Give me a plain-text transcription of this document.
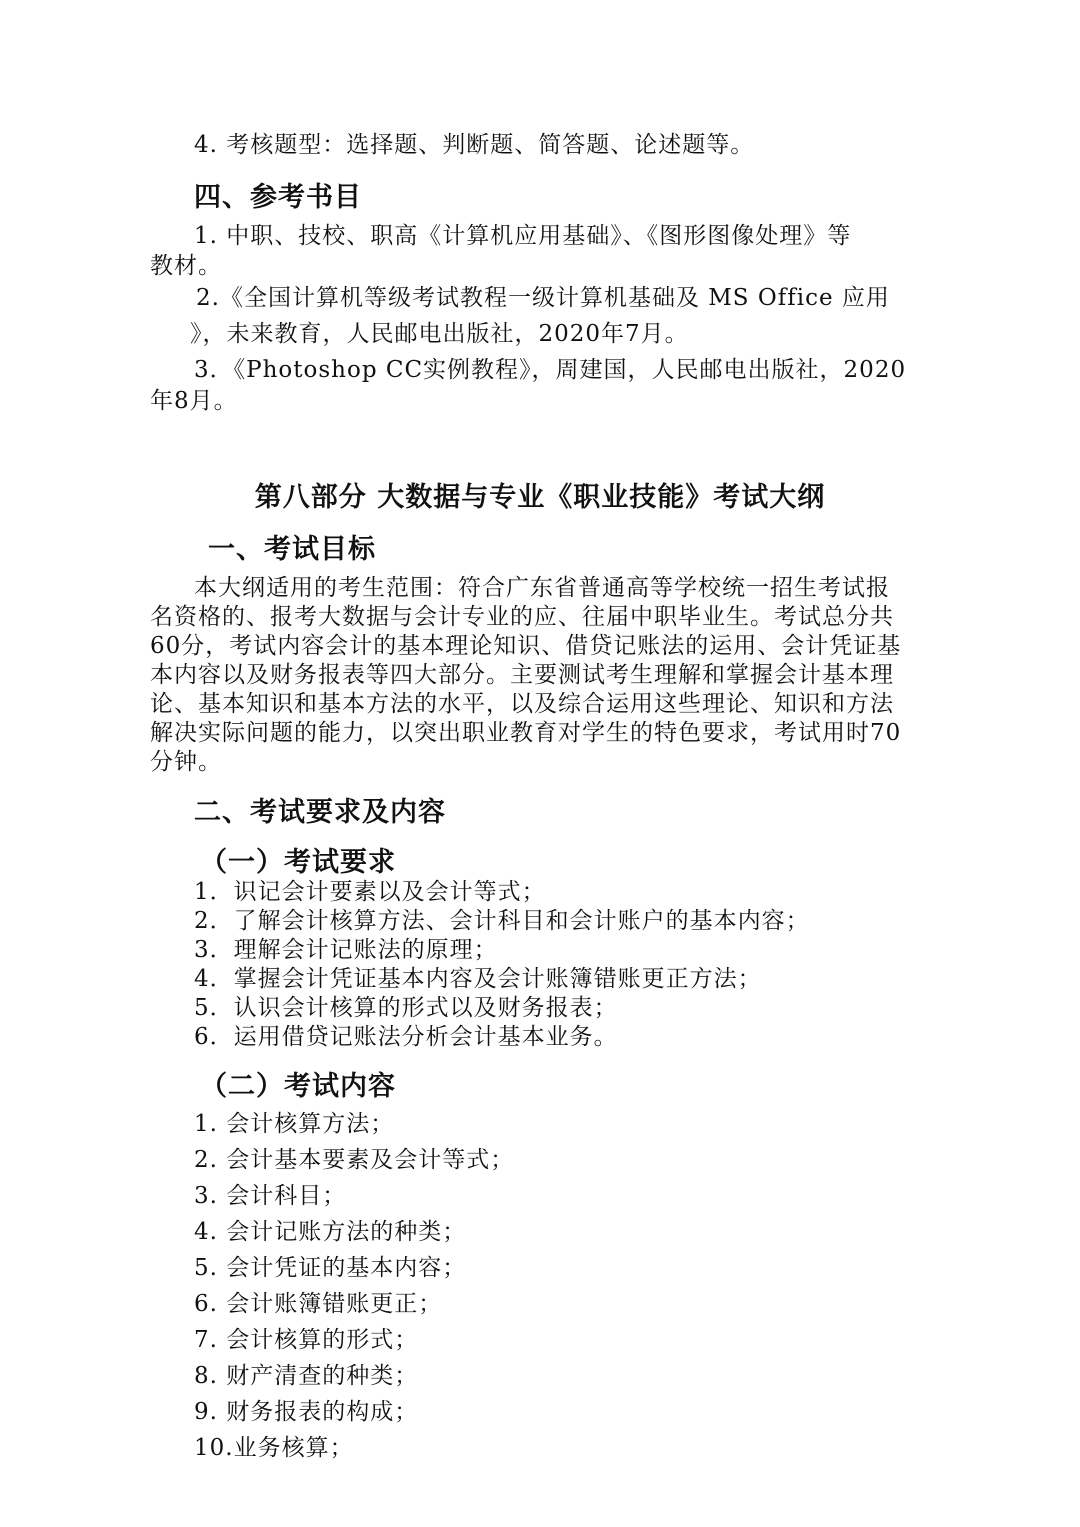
4. 考核题型：选择题、判断题、简答题、论述题等。
四、参考书目
1. 中职、技校、职高《计算机应用基础》、《图形图像处理》等
教材。
2.《全国计算机等级考试教程一级计算机基础及 MS Office 应用
》，未来教育，人民邮电出版社，2020年7月。
3．《Photoshop CC实例教程》，周建国，人民邮电出版社，2020
年8月。
第八部分 大数据与专业《职业技能》考试大纲
一、考试目标
本大纲适用的考生范围：符合广东省普通高等学校统一招生考试报
名资格的、报考大数据与会计专业的应、往届中职毕业生。考试总分共
60分，考试内容会计的基本理论知识、借贷记账法的运用、会计凭证基
本内容以及财务报表等四大部分。主要测试考生理解和掌握会计基本理
论、基本知识和基本方法的水平，以及综合运用这些理论、知识和方法
解决实际问题的能力，以突出职业教育对学生的特色要求，考试用时70
分钟。
二、考试要求及内容
（一）考试要求
1．识记会计要素以及会计等式；
2．了解会计核算方法、会计科目和会计账户的基本内容；
3．理解会计记账法的原理；
4．掌握会计凭证基本内容及会计账簿错账更正方法；
5．认识会计核算的形式以及财务报表；
6．运用借贷记账法分析会计基本业务。
（二）考试内容
1. 会计核算方法；
2. 会计基本要素及会计等式；
3. 会计科目；
4. 会计记账方法的种类；
5. 会计凭证的基本内容；
6. 会计账簿错账更正；
7. 会计核算的形式；
8. 财产清查的种类；
9. 财务报表的构成；
10.业务核算；
